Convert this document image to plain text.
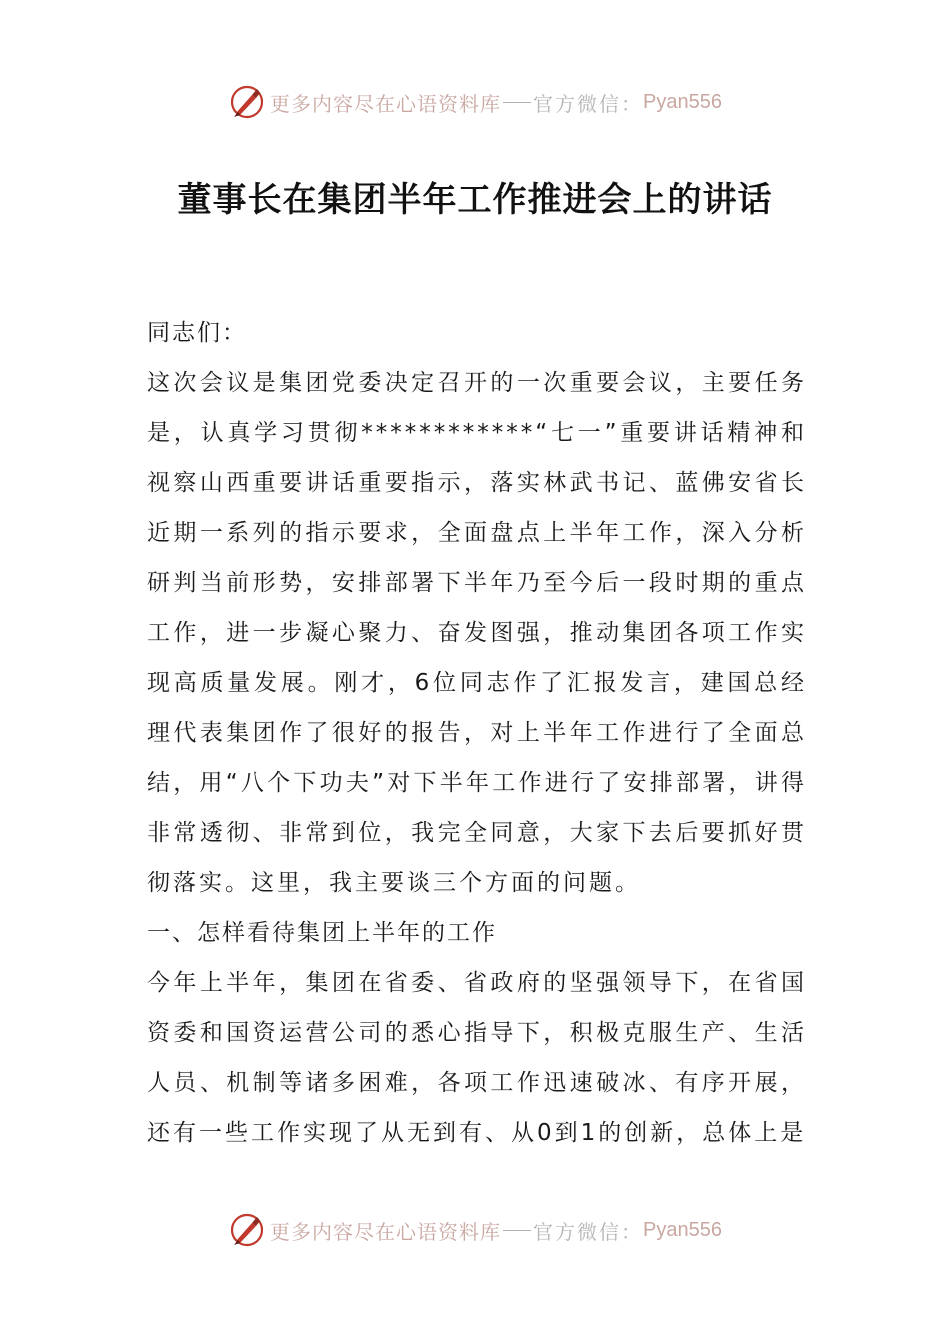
更多内容尽在心语资料库 官方微信： Pyan556
董事长在集团半年工作推进会上的讲话

同志们：

这次会议是集团党委决定召开的一次重要会议，主要任务是，认真学习贯彻************“七一”重要讲话精神和视察山西重要讲话重要指示，落实林武书记、蓝佛安省长近期一系列的指示要求，全面盘点上半年工作，深入分析研判当前形势，安排部署下半年乃至今后一段时期的重点工作，进一步凝心聚力、奋发图强，推动集团各项工作实现高质量发展。刚才，6位同志作了汇报发言，建国总经理代表集团作了很好的报告，对上半年工作进行了全面总结，用“八个下功夫”对下半年工作进行了安排部署，讲得非常透彻、非常到位，我完全同意，大家下去后要抓好贯彻落实。这里，我主要谈三个方面的问题。

一、怎样看待集团上半年的工作

今年上半年，集团在省委、省政府的坚强领导下，在省国资委和国资运营公司的悉心指导下，积极克服生产、生活人员、机制等诸多困难，各项工作迅速破冰、有序开展，还有一些工作实现了从无到有、从0到1的创新，总体上是

更多内容尽在心语资料库 官方微信： Pyan556
